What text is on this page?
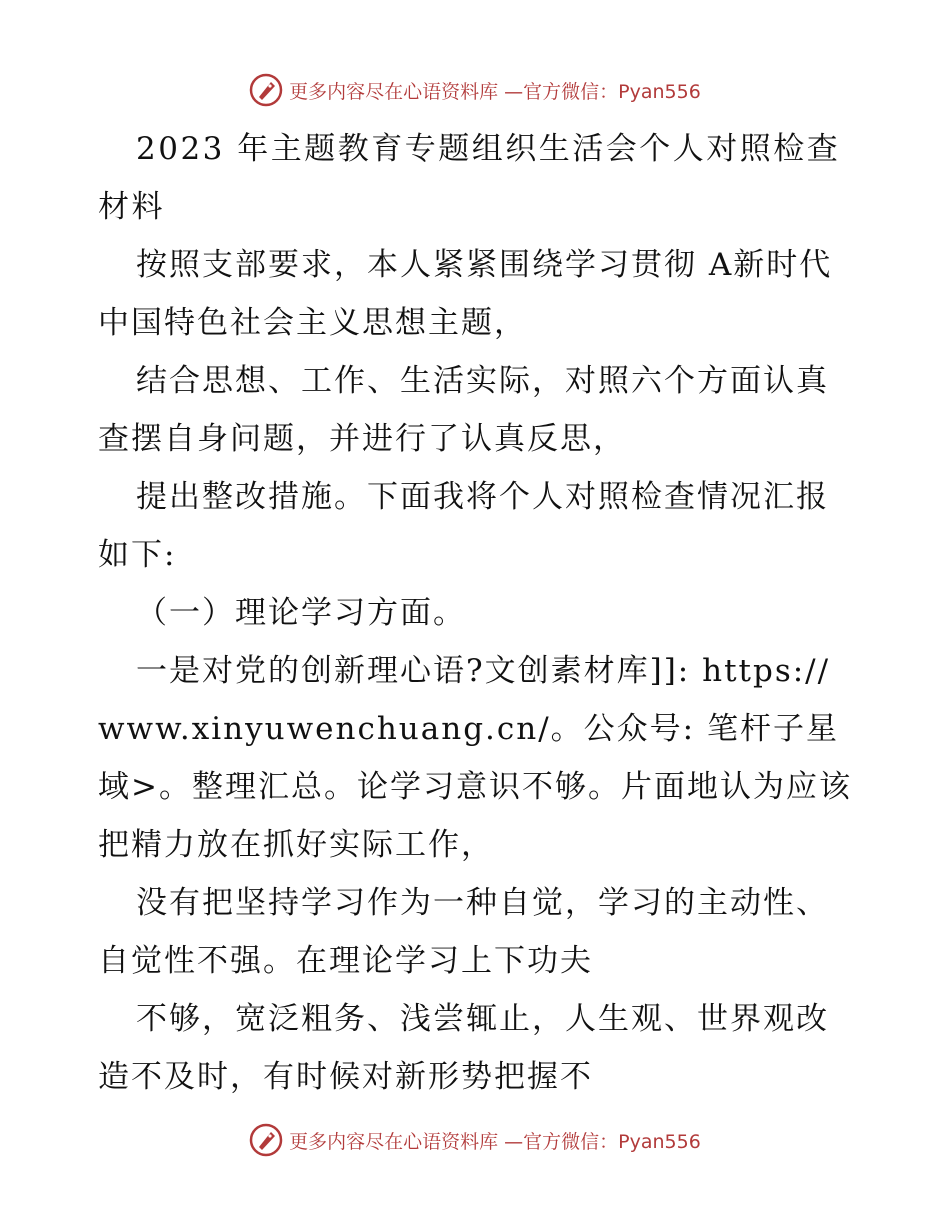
更多内容尽在心语资料库 —官方微信：Pyan556

2023 年主题教育专题组织生活会个人对照检查材料

按照支部要求，本人紧紧围绕学习贯彻 A新时代中国特色社会主义思想主题，

结合思想、工作、生活实际，对照六个方面认真查摆自身问题，并进行了认真反思，

提出整改措施。下面我将个人对照检查情况汇报如下:

（一）理论学习方面。

一是对党的创新理心语?文创素材库]]: https://www.xinyuwenchuang.cn/。公众号: 笔杆子星域>。整理汇总。论学习意识不够。片面地认为应该把精力放在抓好实际工作，

没有把坚持学习作为一种自觉，学习的主动性、自觉性不强。在理论学习上下功夫

不够，宽泛粗务、浅尝辄止，人生观、世界观改造不及时，有时候对新形势把握不

更多内容尽在心语资料库 —官方微信：Pyan556
